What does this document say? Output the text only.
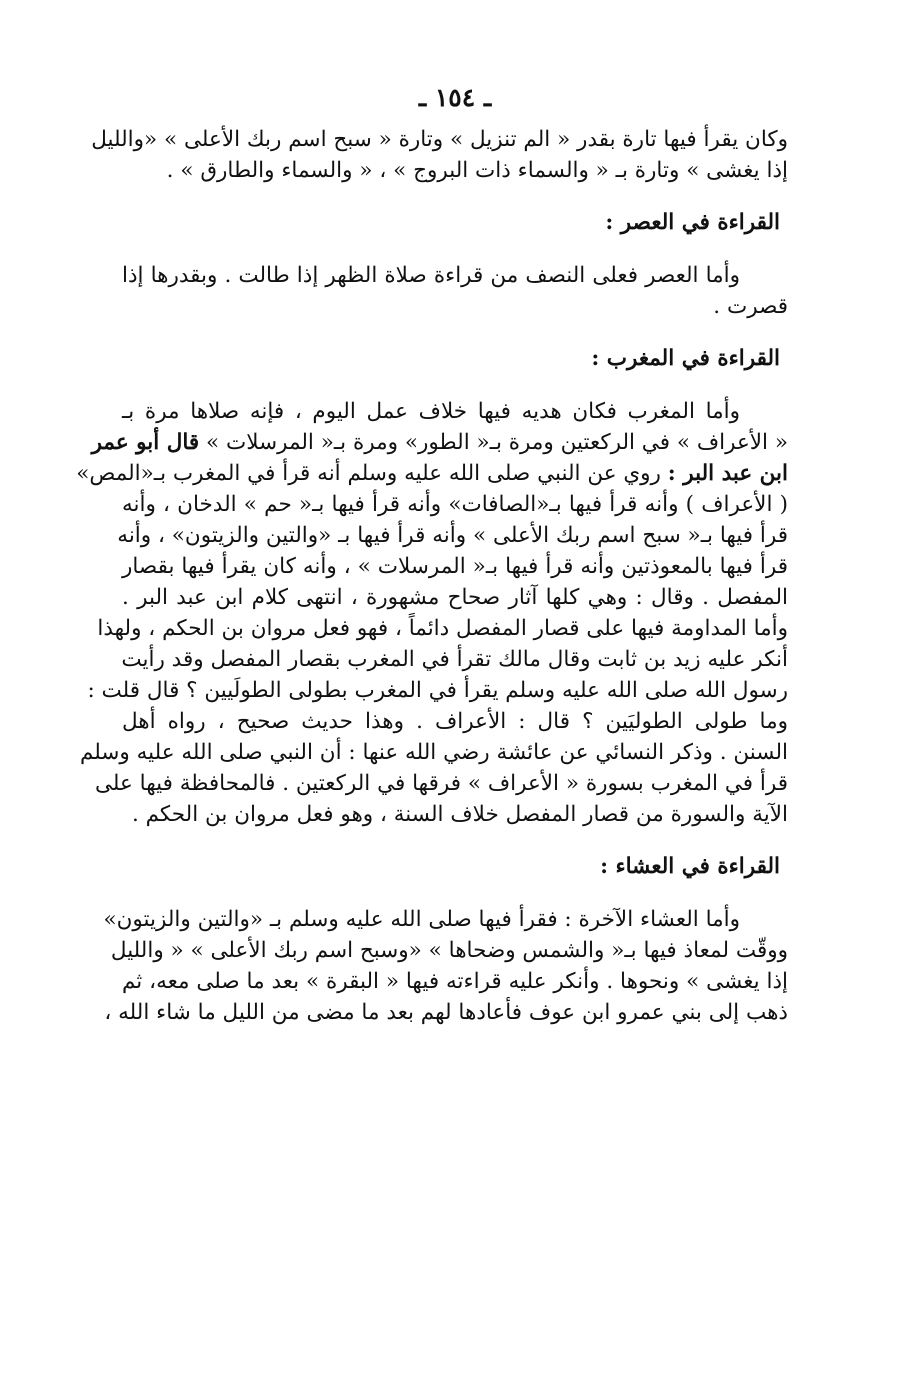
ـ ١٥٤ ـ
وكان يقرأ فيها تارة بقدر « الم تنزيل » وتارة « سبح اسم ربك الأعلى » «والليل
إذا يغشى » وتارة بـ « والسماء ذات البروج » ، « والسماء والطارق » .
القراءة في العصر :
وأما العصر فعلى النصف من قراءة صلاة الظهر إذا طالت . وبقدرها إذا
قصرت .
القراءة في المغرب :
وأما المغرب فكان هديه فيها خلاف عمل اليوم ، فإنه صلاها مرة بـ
« الأعراف » في الركعتين ومرة بـ« الطور» ومرة بـ« المرسلات » قال أبو عمر
ابن عبد البر : روي عن النبي صلى الله عليه وسلم أنه قرأ في المغرب بـ«المص»
( الأعراف ) وأنه قرأ فيها بـ«الصافات» وأنه قرأ فيها بـ« حم » الدخان ، وأنه
قرأ فيها بـ« سبح اسم ربك الأعلى » وأنه قرأ فيها بـ «والتين والزيتون» ، وأنه
قرأ فيها بالمعوذتين وأنه قرأ فيها بـ« المرسلات » ، وأنه كان يقرأ فيها بقصار
المفصل . وقال : وهي كلها آثار صحاح مشهورة ، انتهى كلام ابن عبد البر .
وأما المداومة فيها على قصار المفصل دائماً ، فهو فعل مروان بن الحكم ، ولهذا
أنكر عليه زيد بن ثابت وقال مالك تقرأ في المغرب بقصار المفصل وقد رأيت
رسول الله صلى الله عليه وسلم يقرأ في المغرب بطولى الطولَيين ؟ قال قلت :
وما طولى الطوليَين ؟ قال : الأعراف . وهذا حديث صحيح ، رواه أهل
السنن . وذكر النسائي عن عائشة رضي الله عنها : أن النبي صلى الله عليه وسلم
قرأ في المغرب بسورة « الأعراف » فرقها في الركعتين . فالمحافظة فيها على
الآية والسورة من قصار المفصل خلاف السنة ، وهو فعل مروان بن الحكم .
القراءة في العشاء :
وأما العشاء الآخرة : فقرأ فيها صلى الله عليه وسلم بـ «والتين والزيتون»
ووقّت لمعاذ فيها بـ« والشمس وضحاها » «وسبح اسم ربك الأعلى » « والليل
إذا يغشى » ونحوها . وأنكر عليه قراءته فيها « البقرة » بعد ما صلى معه، ثم
ذهب إلى بني عمرو ابن عوف فأعادها لهم بعد ما مضى من الليل ما شاء الله ،
